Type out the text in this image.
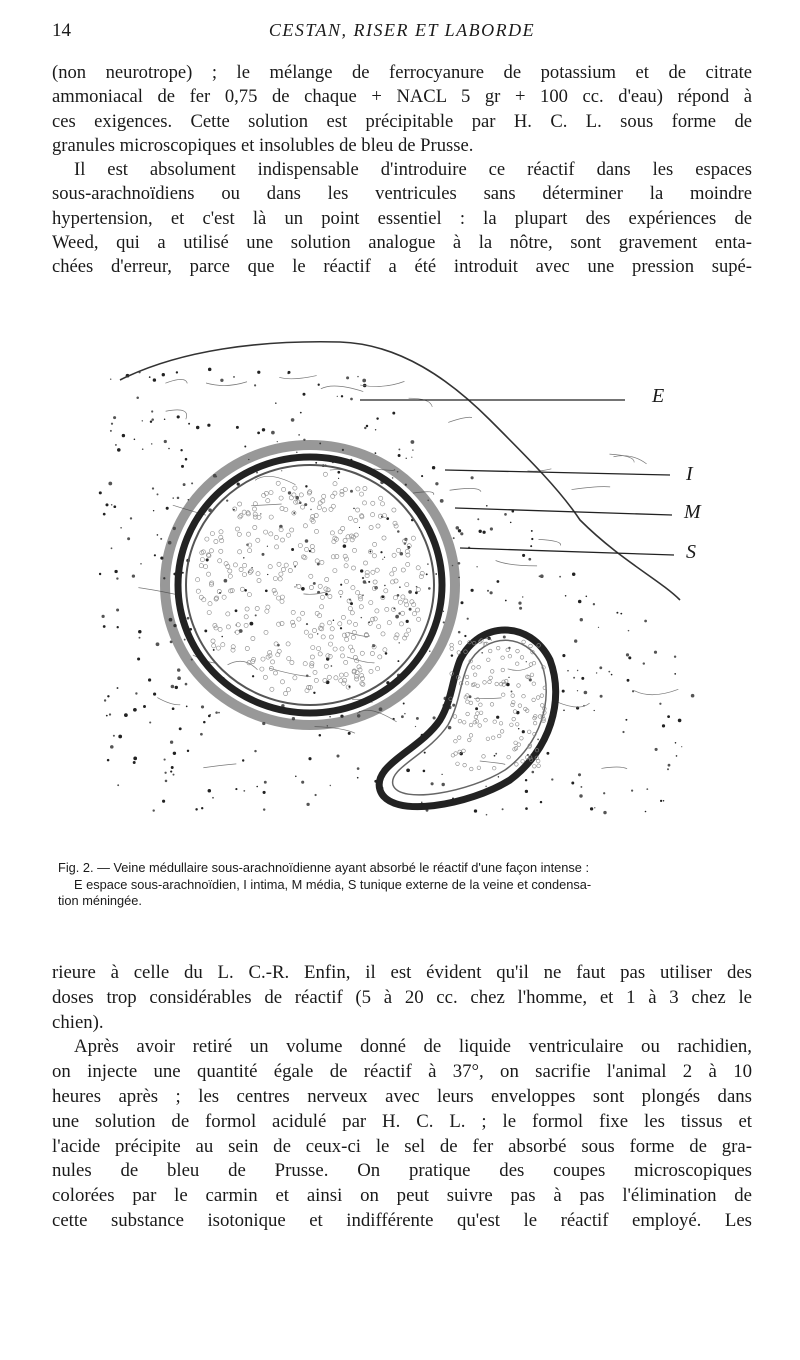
14	CESTAN, RISER ET LABORDE
(non neurotrope) ; le mélange de ferrocyanure de potassium et de citrate
ammoniacal de fer 0,75 de chaque + NACL 5 gr + 100 cc. d'eau) répond à
ces exigences. Cette solution est précipitable par H. C. L. sous forme de
granules microscopiques et insolubles de bleu de Prusse.
Il est absolument indispensable d'introduire ce réactif dans les espaces
sous-arachnoïdiens ou dans les ventricules sans déterminer la moindre
hypertension, et c'est là un point essentiel : la plupart des expériences de
Weed, qui a utilisé une solution analogue à la nôtre, sont gravement enta-
chées d'erreur, parce que le réactif a été introduit avec une pression supé-
E
I
M
S
Fig. 2. — Veine médullaire sous-arachnoïdienne ayant absorbé le réactif d'une façon intense :
E espace sous-arachnoïdien, I intima, M média, S tunique externe de la veine et condensa-
tion méningée.
rieure à celle du L. C.-R. Enfin, il est évident qu'il ne faut pas utiliser des
doses trop considérables de réactif (5 à 20 cc. chez l'homme, et 1 à 3 chez le
chien).
Après avoir retiré un volume donné de liquide ventriculaire ou rachidien,
on injecte une quantité égale de réactif à 37°, on sacrifie l'animal 2 à 10
heures après ; les centres nerveux avec leurs enveloppes sont plongés dans
une solution de formol acidulé par H. C. L. ; le formol fixe les tissus et
l'acide précipite au sein de ceux-ci le sel de fer absorbé sous forme de gra-
nules de bleu de Prusse. On pratique des coupes microscopiques
colorées par le carmin et ainsi on peut suivre pas à pas l'élimination de
cette substance isotonique et indifférente qu'est le réactif employé. Les
